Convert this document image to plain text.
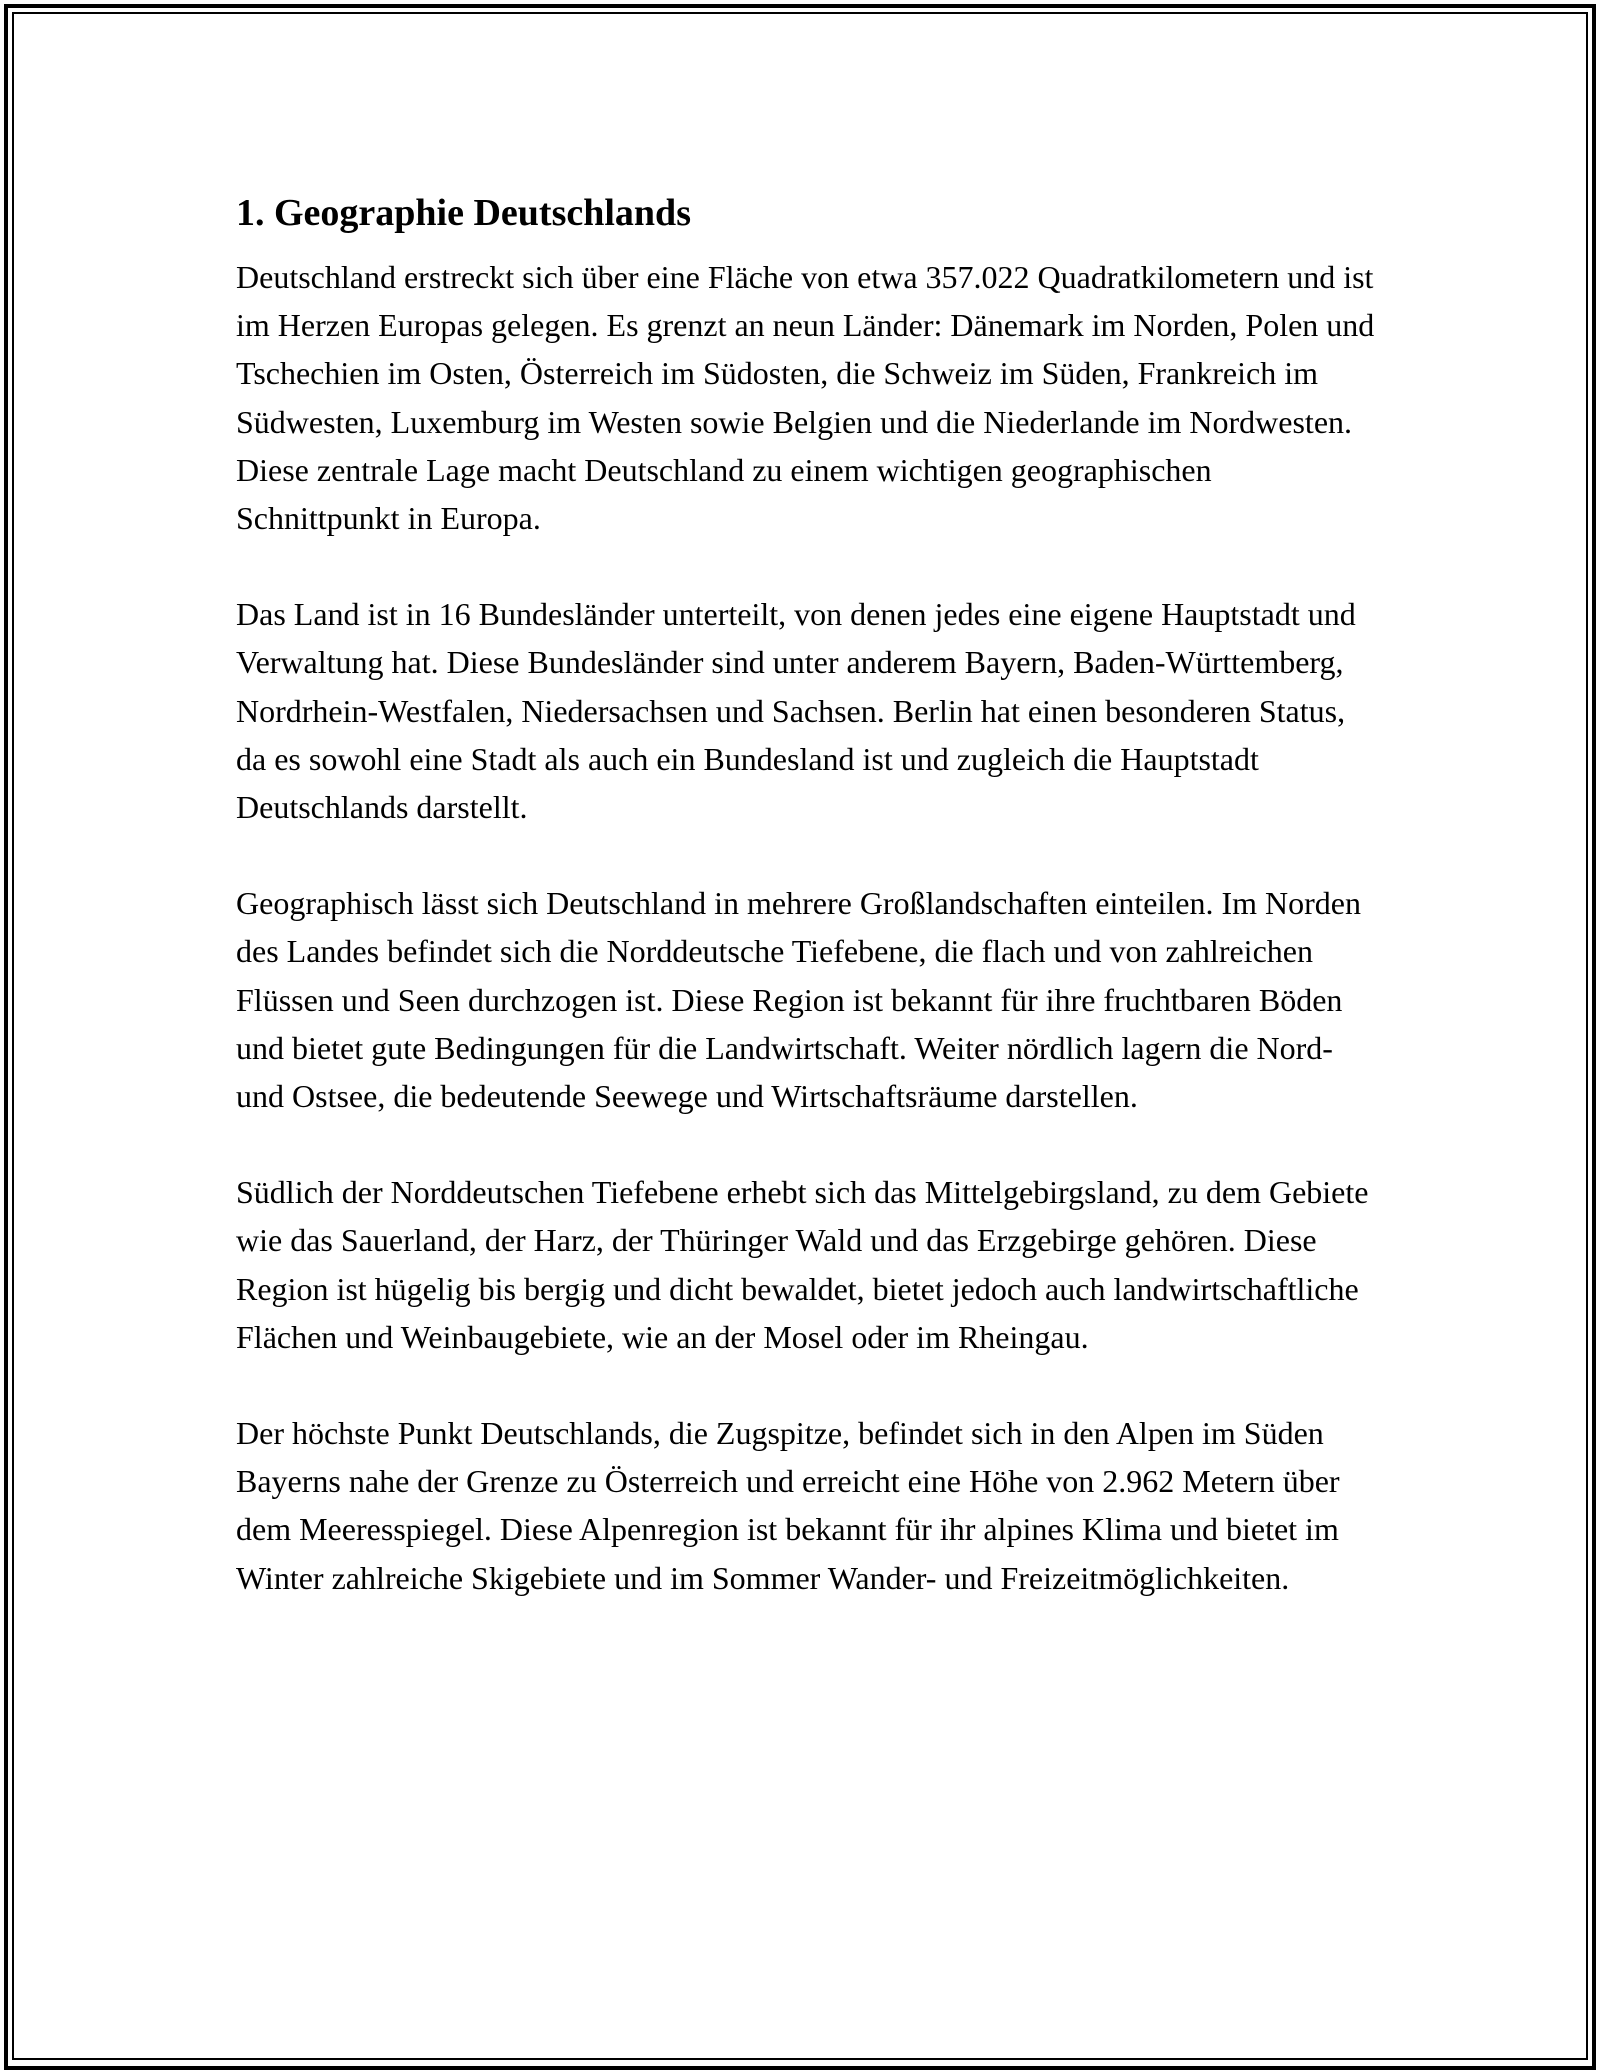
1. Geographie Deutschlands

Deutschland erstreckt sich über eine Fläche von etwa 357.022 Quadratkilometern und ist im Herzen Europas gelegen. Es grenzt an neun Länder: Dänemark im Norden, Polen und Tschechien im Osten, Österreich im Südosten, die Schweiz im Süden, Frankreich im Südwesten, Luxemburg im Westen sowie Belgien und die Niederlande im Nordwesten. Diese zentrale Lage macht Deutschland zu einem wichtigen geographischen Schnittpunkt in Europa.

Das Land ist in 16 Bundesländer unterteilt, von denen jedes eine eigene Hauptstadt und Verwaltung hat. Diese Bundesländer sind unter anderem Bayern, Baden-Württemberg, Nordrhein-Westfalen, Niedersachsen und Sachsen. Berlin hat einen besonderen Status, da es sowohl eine Stadt als auch ein Bundesland ist und zugleich die Hauptstadt Deutschlands darstellt.

Geographisch lässt sich Deutschland in mehrere Großlandschaften einteilen. Im Norden des Landes befindet sich die Norddeutsche Tiefebene, die flach und von zahlreichen Flüssen und Seen durchzogen ist. Diese Region ist bekannt für ihre fruchtbaren Böden und bietet gute Bedingungen für die Landwirtschaft. Weiter nördlich lagern die Nord- und Ostsee, die bedeutende Seewege und Wirtschaftsräume darstellen.

Südlich der Norddeutschen Tiefebene erhebt sich das Mittelgebirgsland, zu dem Gebiete wie das Sauerland, der Harz, der Thüringer Wald und das Erzgebirge gehören. Diese Region ist hügelig bis bergig und dicht bewaldet, bietet jedoch auch landwirtschaftliche Flächen und Weinbaugebiete, wie an der Mosel oder im Rheingau.

Der höchste Punkt Deutschlands, die Zugspitze, befindet sich in den Alpen im Süden Bayerns nahe der Grenze zu Österreich und erreicht eine Höhe von 2.962 Metern über dem Meeresspiegel. Diese Alpenregion ist bekannt für ihr alpines Klima und bietet im Winter zahlreiche Skigebiete und im Sommer Wander- und Freizeitmöglichkeiten.
